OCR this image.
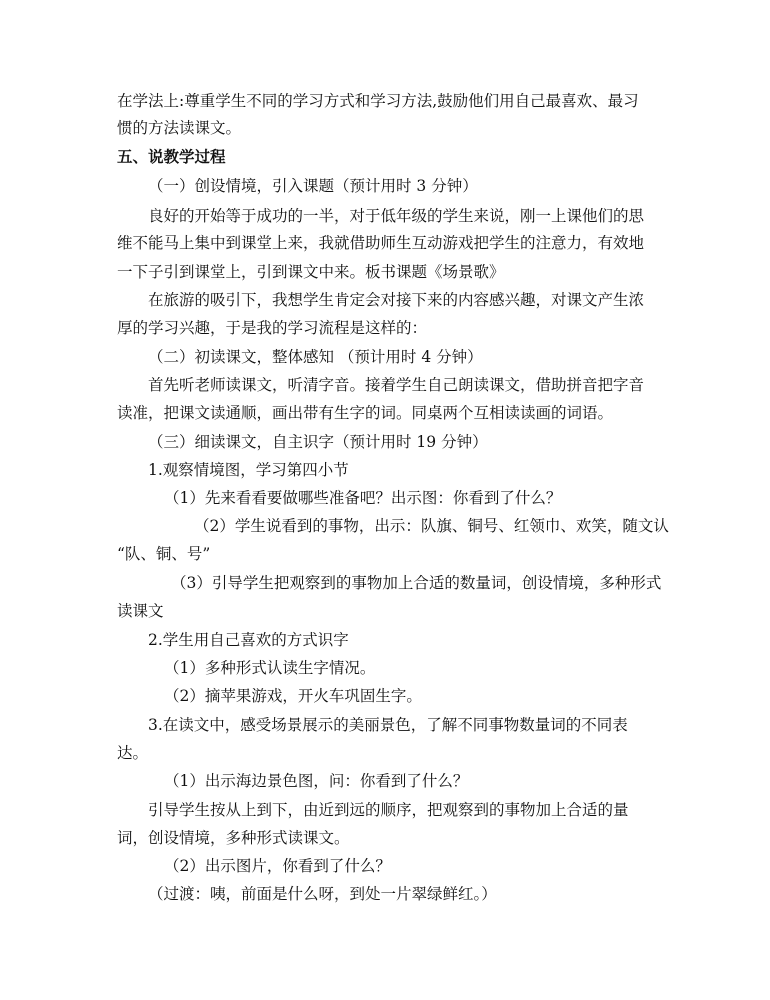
在学法上:尊重学生不同的学习方式和学习方法,鼓励他们用自己最喜欢、最习
惯的方法读课文。
五、说教学过程
（一）创设情境，引入课题（预计用时 3 分钟）
良好的开始等于成功的一半，对于低年级的学生来说，刚一上课他们的思
维不能马上集中到课堂上来，我就借助师生互动游戏把学生的注意力，有效地
一下子引到课堂上，引到课文中来。板书课题《场景歌》
在旅游的吸引下，我想学生肯定会对接下来的内容感兴趣，对课文产生浓
厚的学习兴趣，于是我的学习流程是这样的：
（二）初读课文，整体感知 （预计用时 4 分钟）
首先听老师读课文，听清字音。接着学生自己朗读课文，借助拼音把字音
读准，把课文读通顺，画出带有生字的词。同桌两个互相读读画的词语。
（三）细读课文，自主识字（预计用时 19 分钟）
1.观察情境图，学习第四小节
（1）先来看看要做哪些准备吧？出示图：你看到了什么？
（2）学生说看到的事物，出示：队旗、铜号、红领巾、欢笑，随文认
“队、铜、号”
（3）引导学生把观察到的事物加上合适的数量词，创设情境，多种形式
读课文
2.学生用自己喜欢的方式识字
（1）多种形式认读生字情况。
（2）摘苹果游戏，开火车巩固生字。
3.在读文中，感受场景展示的美丽景色，了解不同事物数量词的不同表
达。
（1）出示海边景色图，问：你看到了什么？
引导学生按从上到下，由近到远的顺序，把观察到的事物加上合适的量
词，创设情境，多种形式读课文。
（2）出示图片，你看到了什么？
（过渡：咦，前面是什么呀，到处一片翠绿鲜红。）
